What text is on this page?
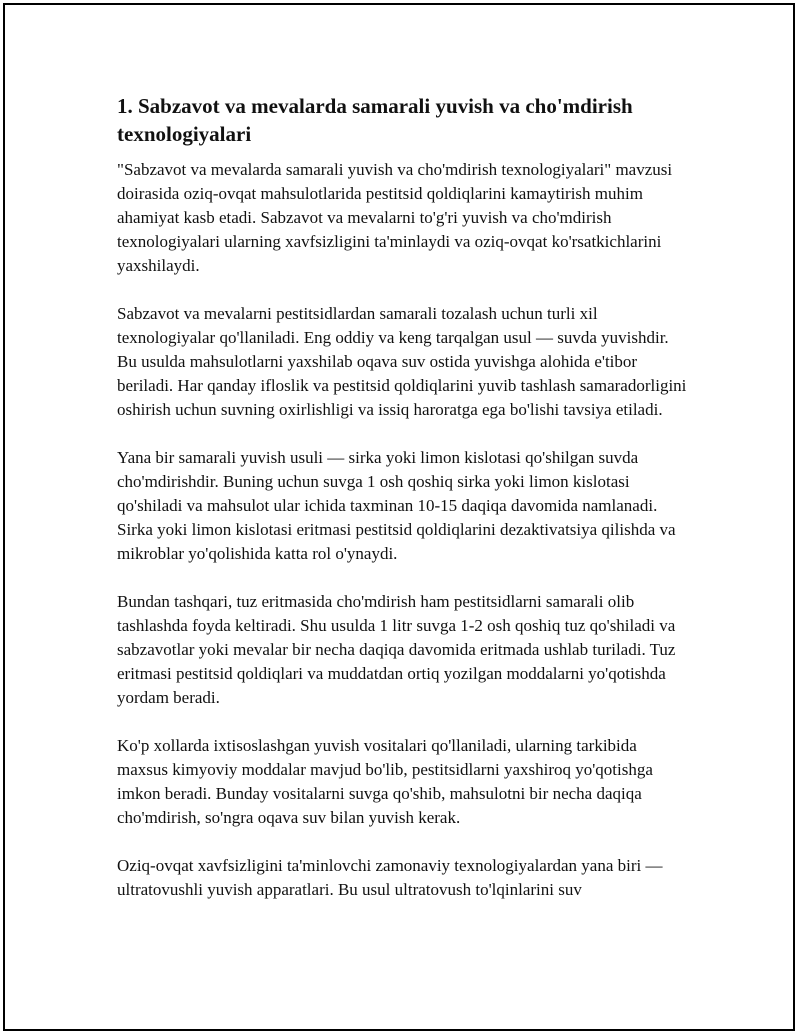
1. Sabzavot va mevalarda samarali yuvish va cho'mdirish texnologiyalari

"Sabzavot va mevalarda samarali yuvish va cho'mdirish texnologiyalari" mavzusi doirasida oziq-ovqat mahsulotlarida pestitsid qoldiqlarini kamaytirish muhim ahamiyat kasb etadi. Sabzavot va mevalarni to'g'ri yuvish va cho'mdirish texnologiyalari ularning xavfsizligini ta'minlaydi va oziq-ovqat ko'rsatkichlarini yaxshilaydi.

Sabzavot va mevalarni pestitsidlardan samarali tozalash uchun turli xil texnologiyalar qo'llaniladi. Eng oddiy va keng tarqalgan usul — suvda yuvishdir. Bu usulda mahsulotlarni yaxshilab oqava suv ostida yuvishga alohida e'tibor beriladi. Har qanday ifloslik va pestitsid qoldiqlarini yuvib tashlash samaradorligini oshirish uchun suvning oxirlishligi va issiq haroratga ega bo'lishi tavsiya etiladi.

Yana bir samarali yuvish usuli — sirka yoki limon kislotasi qo'shilgan suvda cho'mdirishdir. Buning uchun suvga 1 osh qoshiq sirka yoki limon kislotasi qo'shiladi va mahsulot ular ichida taxminan 10-15 daqiqa davomida namlanadi. Sirka yoki limon kislotasi eritmasi pestitsid qoldiqlarini dezaktivatsiya qilishda va mikroblar yo'qolishida katta rol o'ynaydi.

Bundan tashqari, tuz eritmasida cho'mdirish ham pestitsidlarni samarali olib tashlashda foyda keltiradi. Shu usulda 1 litr suvga 1-2 osh qoshiq tuz qo'shiladi va sabzavotlar yoki mevalar bir necha daqiqa davomida eritmada ushlab turiladi. Tuz eritmasi pestitsid qoldiqlari va muddatdan ortiq yozilgan moddalarni yo'qotishda yordam beradi.

Ko'p xollarda ixtisoslashgan yuvish vositalari qo'llaniladi, ularning tarkibida maxsus kimyoviy moddalar mavjud bo'lib, pestitsidlarni yaxshiroq yo'qotishga imkon beradi. Bunday vositalarni suvga qo'shib, mahsulotni bir necha daqiqa cho'mdirish, so'ngra oqava suv bilan yuvish kerak.

Oziq-ovqat xavfsizligini ta'minlovchi zamonaviy texnologiyalardan yana biri — ultratovushli yuvish apparatlari. Bu usul ultratovush to'lqinlarini suv
